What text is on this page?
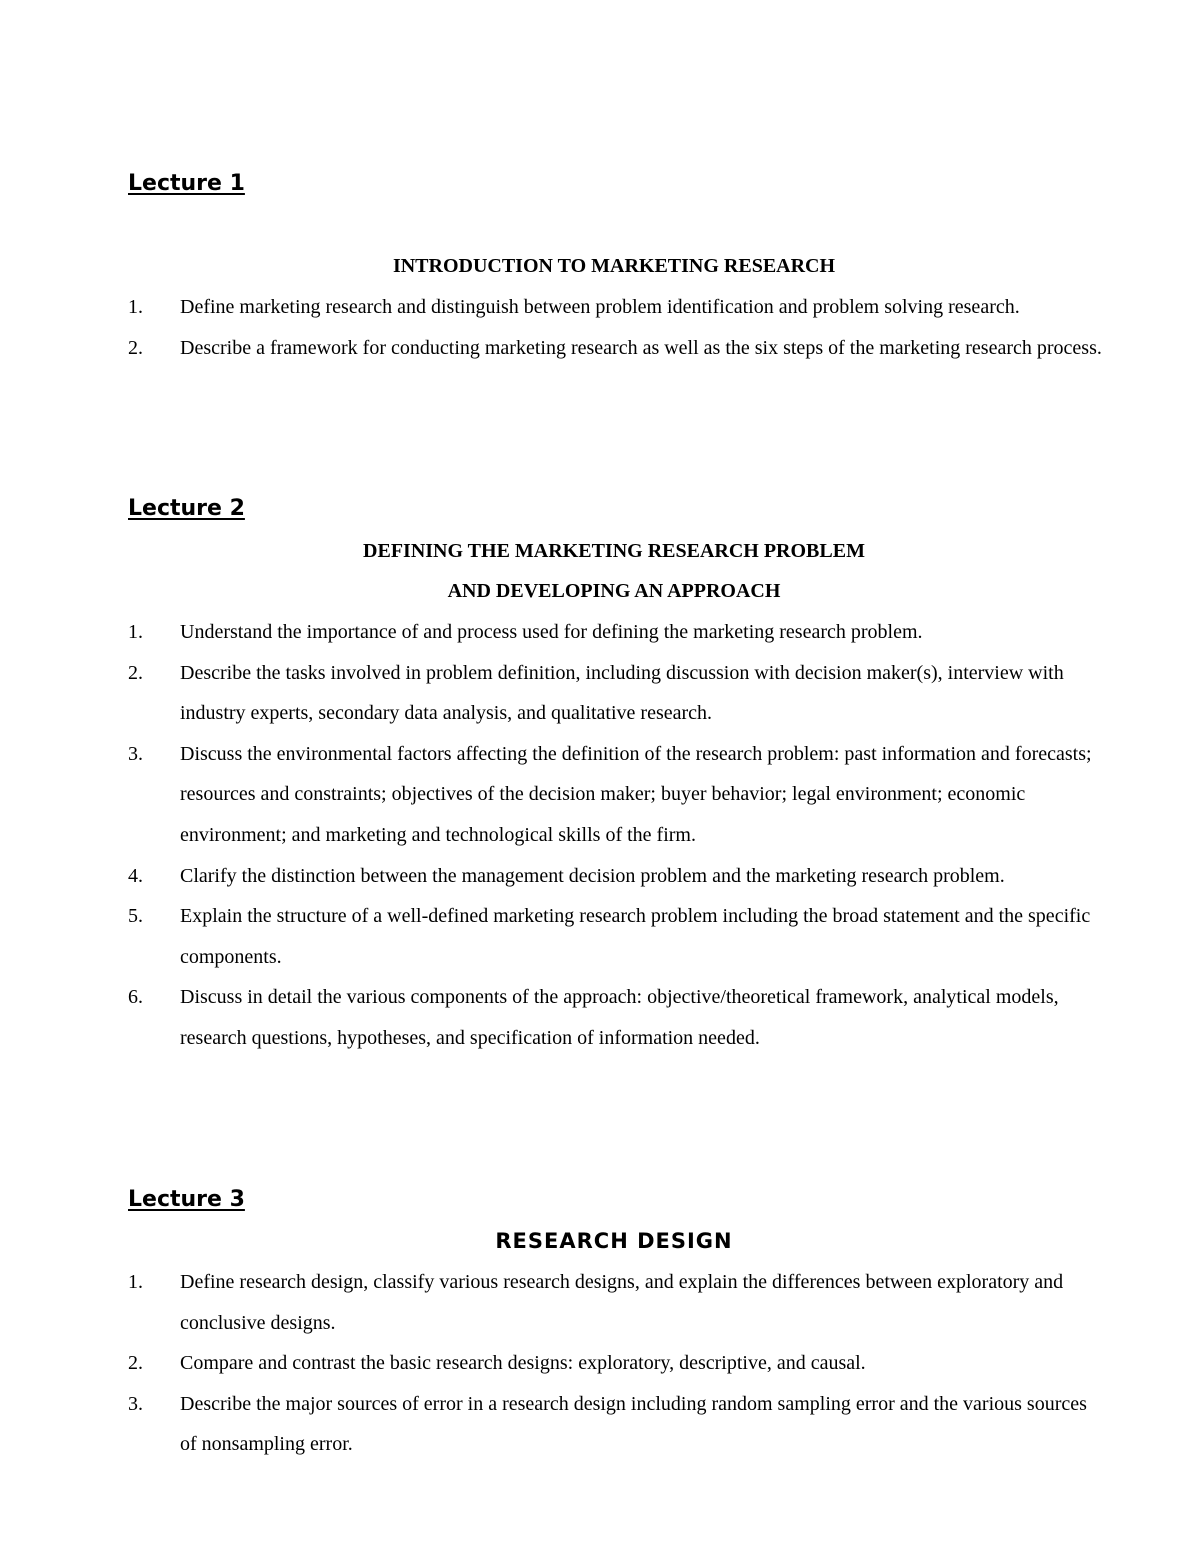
Lecture 1
INTRODUCTION TO MARKETING RESEARCH
1. Define marketing research and distinguish between problem identification and problem solving research.
2. Describe a framework for conducting marketing research as well as the six steps of the marketing research process.
Lecture 2
DEFINING THE MARKETING RESEARCH PROBLEM
AND DEVELOPING AN APPROACH
1. Understand the importance of and process used for defining the marketing research problem.
2. Describe the tasks involved in problem definition, including discussion with decision maker(s), interview with industry experts, secondary data analysis, and qualitative research.
3. Discuss the environmental factors affecting the definition of the research problem: past information and forecasts; resources and constraints; objectives of the decision maker; buyer behavior; legal environment; economic environment; and marketing and technological skills of the firm.
4. Clarify the distinction between the management decision problem and the marketing research problem.
5. Explain the structure of a well-defined marketing research problem including the broad statement and the specific components.
6. Discuss in detail the various components of the approach: objective/theoretical framework, analytical models, research questions, hypotheses, and specification of information needed.
Lecture 3
RESEARCH DESIGN
1. Define research design, classify various research designs, and explain the differences between exploratory and conclusive designs.
2. Compare and contrast the basic research designs: exploratory, descriptive, and causal.
3. Describe the major sources of error in a research design including random sampling error and the various sources of nonsampling error.
